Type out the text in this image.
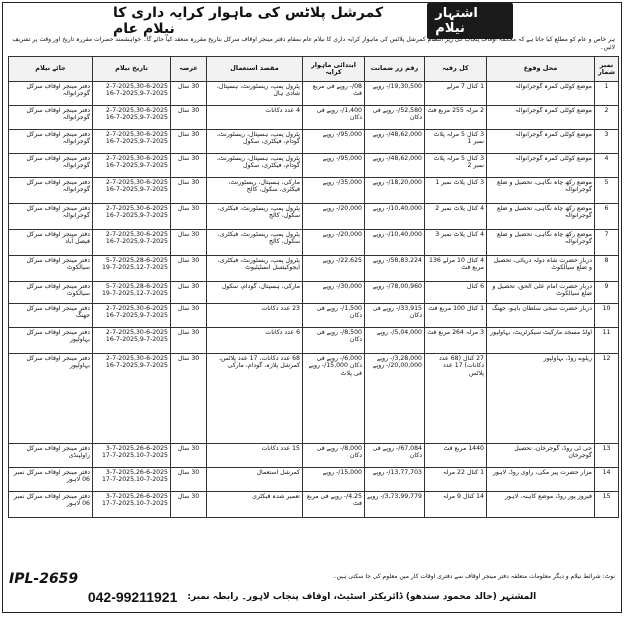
کمرشل پلاٹس کی ماہوار کرایہ داری کا نیلام عام
اشتہار نیلام
ہر خاص و عام کو مطلع کیا جاتا ہے کہ محکمہ اوقاف پنجاب کی زیر انتظام کمرشل پلاٹس کی ماہوار کرایہ داری کا نیلام عام بمقام دفتر مینجر اوقاف سرکل بتاریخ مقررہ منعقد کیا جائے گا۔ خواہشمند حضرات مقررہ تاریخ اور وقت پر تشریف لائیں۔
نمبر شمار	محل وقوع	کل رقبہ	رقم زر ضمانت	ابتدائی ماہوار کرایہ	مقصد استعمال	عرصہ	تاریخ نیلام	جائے نیلام
1	موضع کوٹلی کمرہ گوجرانوالہ	1 کنال 7 مرلے	19,30,500/- روپے	08/- روپے فی مربع فٹ	پٹرول پمپ، ریسٹورنٹ، ہسپتال، شادی ہال	30 سال	2-7-2025,30-6-2025 16-7-2025,9-7-2025	دفتر مینجر اوقاف سرکل گوجرانوالہ
2	موضع کوٹلی کمرہ گوجرانوالہ	2 مرلہ 255 مربع فٹ	52,580/- روپے فی دکان	1,400/- روپے فی دکان	4 عدد دکانات	30 سال	2-7-2025,30-6-2025 16-7-2025,9-7-2025	دفتر مینجر اوقاف سرکل گوجرانوالہ
3	موضع کوٹلی کمرہ گوجرانوالہ	3 کنال 5 مرلہ پلاٹ نمبر 1	48,62,000/- روپے	95,000/- روپے	پٹرول پمپ، ہسپتال، ریسٹورنٹ، گودام، فیکٹری، سکول	30 سال	2-7-2025,30-6-2025 16-7-2025,9-7-2025	دفتر مینجر اوقاف سرکل گوجرانوالہ
4	موضع کوٹلی کمرہ گوجرانوالہ	3 کنال 5 مرلہ پلاٹ نمبر 2	48,62,000/- روپے	95,000/- روپے	پٹرول پمپ، ہسپتال، ریسٹورنٹ، گودام، فیکٹری، سکول	30 سال	2-7-2025,30-6-2025 16-7-2025,9-7-2025	دفتر مینجر اوقاف سرکل گوجرانوالہ
5	موضع رکھ چاہ نگاہی، تحصیل و ضلع گوجرانوالہ	3 کنال پلاٹ نمبر 1	18,20,000/- روپے	35,000/- روپے	مارکی، ہسپتال، ریسٹورنٹ، فیکٹری، سکول، کالج	30 سال	2-7-2025,30-6-2025 16-7-2025,9-7-2025	دفتر مینجر اوقاف سرکل گوجرانوالہ
6	موضع رکھ چاہ نگاہی، تحصیل و ضلع گوجرانوالہ	4 کنال پلاٹ نمبر 2	10,40,000/- روپے	20,000/- روپے	پٹرول پمپ، ریسٹورنٹ، فیکٹری، سکول، کالج	30 سال	2-7-2025,30-6-2025 16-7-2025,9-7-2025	دفتر مینجر اوقاف سرکل گوجرانوالہ
7	موضع رکھ چاہ نگاہی، تحصیل و ضلع گوجرانوالہ	4 کنال پلاٹ نمبر 3	10,40,000/- روپے	20,000/- روپے	پٹرول پمپ، ریسٹورنٹ، فیکٹری، سکول، کالج	30 سال	2-7-2025,30-6-2025 16-7-2025,9-7-2025	دفتر مینجر اوقاف سرکل فیصل آباد
8	دربار حضرت شاہ دولہ دریائی، تحصیل و ضلع سیالکوٹ	4 کنال 10 مرلے 136 مربع فٹ	58,83,224/- روپے	22,625/- روپے	پٹرول پمپ، ریسٹورنٹ، فیکٹری، ایجوکیشنل انسٹیٹیوٹ	30 سال	5-7-2025,28-6-2025 19-7-2025,12-7-2025	دفتر مینجر اوقاف سرکل سیالکوٹ
9	دربار حضرت امام علی الحق، تحصیل و ضلع سیالکوٹ	6 کنال	78,00,960/- روپے	30,000/- روپے	مارکی، ہسپتال، گودام، سکول	30 سال	5-7-2025,28-6-2025 19-7-2025,12-7-2025	دفتر مینجر اوقاف سرکل سیالکوٹ
10	دربار حضرت سخی سلطان باہو، جھنگ	1 کنال 100 مربع فٹ	33,915/- روپے فی دکان	1,500/- روپے فی دکان	23 عدد دکانات	30 سال	2-7-2025,30-6-2025 16-7-2025,9-7-2025	دفتر مینجر اوقاف سرکل جھنگ
11	اولڈ مسجد مارکیٹ سیکرٹریٹ، بہاولپور	3 مرلہ 264 مربع فٹ	5,04,000/- روپے	8,500/- روپے فی دکان	6 عدد دکانات	30 سال	2-7-2025,30-6-2025 16-7-2025,9-7-2025	دفتر مینجر اوقاف سرکل بہاولپور
12	ریلوے روڈ، بہاولپور	27 کنال (68 عدد دکانات) 17 عدد پلاٹس	3,28,000/- روپے 20,00,000/- روپے	6,000/- روپے فی دکان 15,000/- روپے فی پلاٹ	68 عدد دکانات، 17 عدد پلاٹس، کمرشل پلازہ، گودام، مارکی	30 سال	2-7-2025,30-6-2025 16-7-2025,9-7-2025	دفتر مینجر اوقاف سرکل بہاولپور
13	جی ٹی روڈ، گوجرخان، تحصیل گوجرخان	1440 مربع فٹ	67,084/- روپے فی دکان	8,000/- روپے فی دکان	15 عدد دکانات	30 سال	3-7-2025,26-6-2025 17-7-2025,10-7-2025	دفتر مینجر اوقاف سرکل راولپنڈی
14	مزار حضرت پیر مکی، راوی روڈ، لاہور	1 کنال 22 مرلہ	13,77,703/- روپے	15,000/- روپے	کمرشل استعمال	30 سال	3-7-2025,26-6-2025 17-7-2025,10-7-2025	دفتر مینجر اوقاف سرکل نمبر 06 لاہور
15	فیروز پور روڈ، موضع کاہنہ، لاہور	14 کنال 9 مرلہ	3,73,99,779/- روپے	4.25/- روپے فی مربع فٹ	تعمیر شدہ فیکٹری	30 سال	3-7-2025,26-6-2025 17-7-2025,10-7-2025	دفتر مینجر اوقاف سرکل نمبر 06 لاہور
نوٹ: شرائط نیلام و دیگر معلومات متعلقہ دفتر مینجر اوقاف سے دفتری اوقات کار میں معلوم کی جا سکتی ہیں۔
IPL-2659
042-99211921 المشتہر (خالد محمود سندھو) ڈائریکٹر اسٹیٹ، اوقاف پنجاب لاہور۔ رابطہ نمبر:
